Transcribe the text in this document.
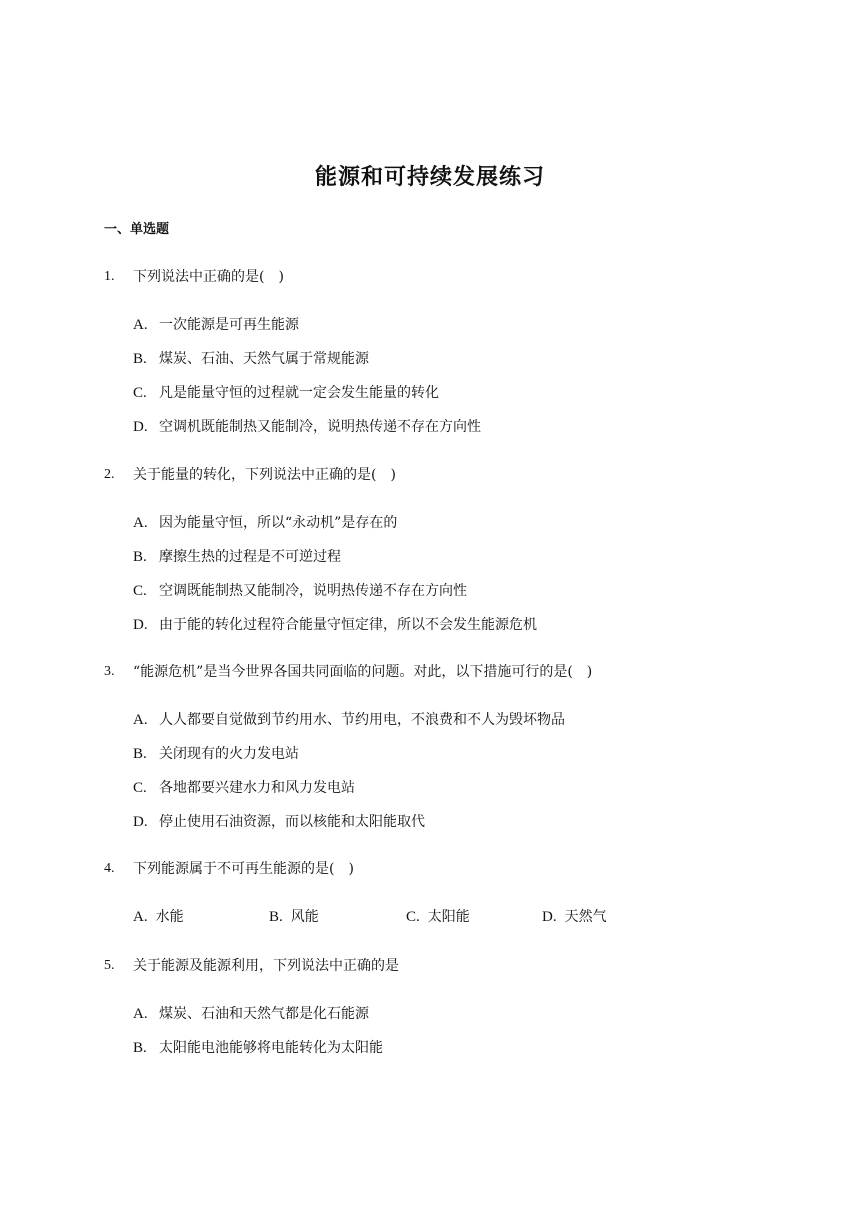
能源和可持续发展练习
一、单选题
1. 下列说法中正确的是(　)
A. 一次能源是可再生能源
B. 煤炭、石油、天然气属于常规能源
C. 凡是能量守恒的过程就一定会发生能量的转化
D. 空调机既能制热又能制冷，说明热传递不存在方向性
2. 关于能量的转化，下列说法中正确的是(　)
A. 因为能量守恒，所以“永动机”是存在的
B. 摩擦生热的过程是不可逆过程
C. 空调既能制热又能制冷，说明热传递不存在方向性
D. 由于能的转化过程符合能量守恒定律，所以不会发生能源危机
3. “能源危机”是当今世界各国共同面临的问题。对此，以下措施可行的是(　)
A. 人人都要自觉做到节约用水、节约用电，不浪费和不人为毁坏物品
B. 关闭现有的火力发电站
C. 各地都要兴建水力和风力发电站
D. 停止使用石油资源，而以核能和太阳能取代
4. 下列能源属于不可再生能源的是(　)
A. 水能	B. 风能	C. 太阳能	D. 天然气
5. 关于能源及能源利用，下列说法中正确的是
A. 煤炭、石油和天然气都是化石能源
B. 太阳能电池能够将电能转化为太阳能
